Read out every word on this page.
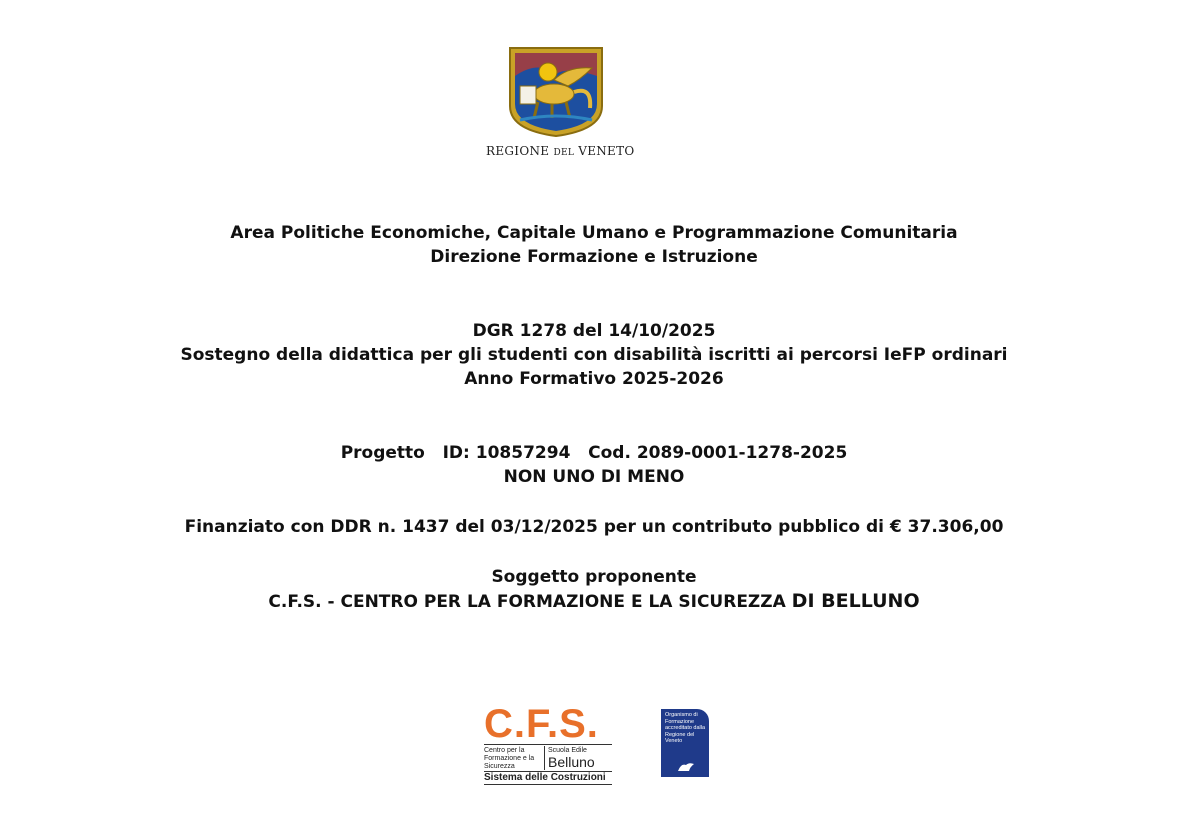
REGIONE DEL VENETO
Area Politiche Economiche, Capitale Umano e Programmazione Comunitaria
Direzione Formazione e Istruzione
DGR 1278 del 14/10/2025
Sostegno della didattica per gli studenti con disabilità iscritti ai percorsi IeFP ordinari
Anno Formativo 2025-2026
Progetto   ID: 10857294   Cod. 2089-0001-1278-2025
NON UNO DI MENO
Finanziato con DDR n. 1437 del 03/12/2025 per un contributo pubblico di € 37.306,00
Soggetto proponente
C.F.S. - CENTRO PER LA FORMAZIONE E LA SICUREZZA DI BELLUNO
C.F.S.
Centro per la Formazione e la Sicurezza
Scuola Edile
Belluno
Sistema delle Costruzioni
Organismo di Formazione accreditato dalla Regione del Veneto
